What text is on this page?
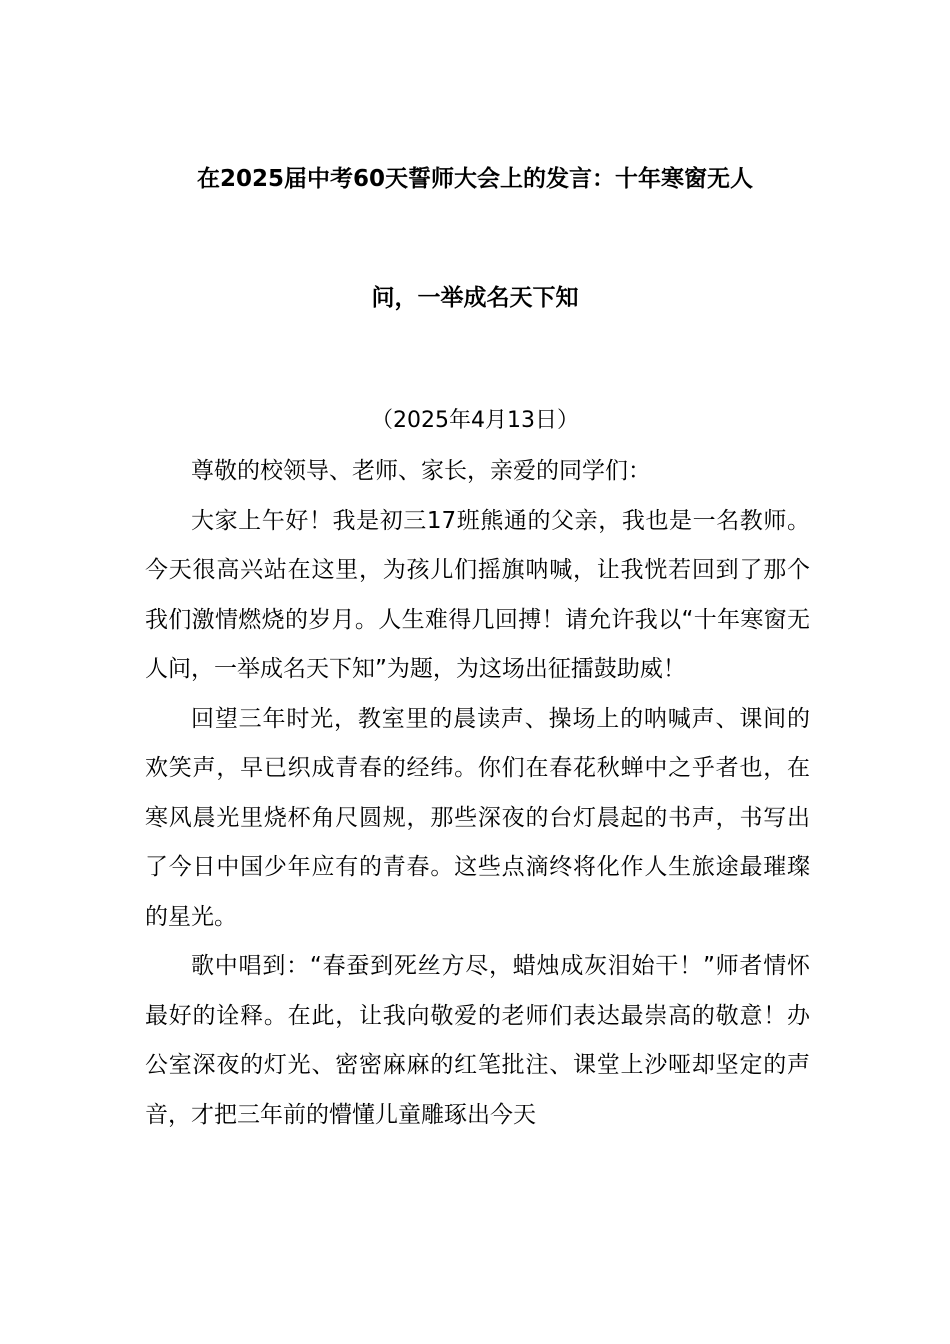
在2025届中考60天誓师大会上的发言：十年寒窗无人
问，一举成名天下知
（2025年4月13日）

尊敬的校领导、老师、家长，亲爱的同学们：

大家上午好！我是初三17班熊通的父亲，我也是一名教师。今天很高兴站在这里，为孩儿们摇旗呐喊，让我恍若回到了那个我们激情燃烧的岁月。人生难得几回搏！请允许我以“十年寒窗无人问，一举成名天下知”为题，为这场出征擂鼓助威！

回望三年时光，教室里的晨读声、操场上的呐喊声、课间的欢笑声，早已织成青春的经纬。你们在春花秋蝉中之乎者也，在寒风晨光里烧杯角尺圆规，那些深夜的台灯晨起的书声，书写出了今日中国少年应有的青春。这些点滴终将化作人生旅途最璀璨的星光。

歌中唱到：“春蚕到死丝方尽，蜡烛成灰泪始干！”师者情怀最好的诠释。在此，让我向敬爱的老师们表达最崇高的敬意！办公室深夜的灯光、密密麻麻的红笔批注、课堂上沙哑却坚定的声音，才把三年前的懵懂儿童雕琢出今天
